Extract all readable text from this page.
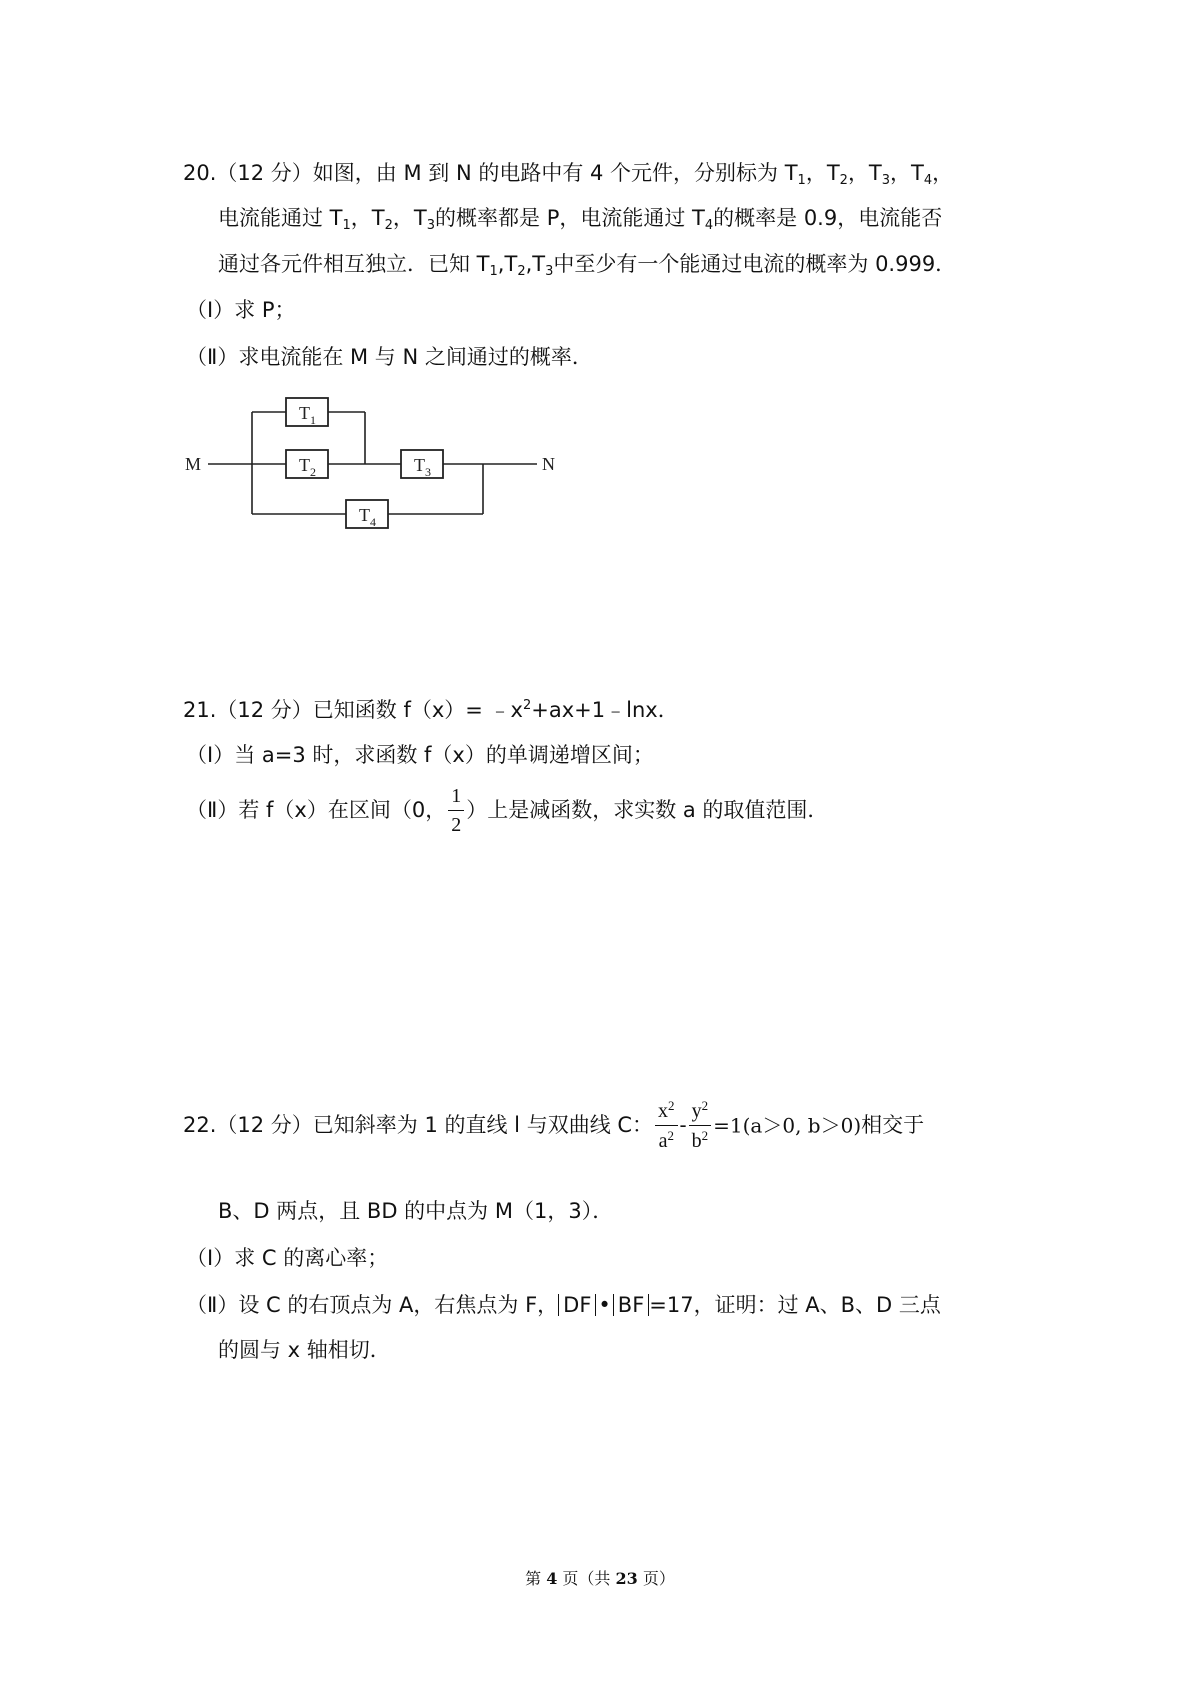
20.（12 分）如图，由 M 到 N 的电路中有 4 个元件，分别标为 $T_1$，$T_2$，$T_3$，$T_4$，
电流能通过 $T_1$，$T_2$，$T_3$的概率都是 P，电流能通过 $T_4$的概率是 0.9，电流能否
通过各元件相互独立．已知 $T_1,T_2,T_3$中至少有一个能通过电流的概率为 0.999．
（Ⅰ）求 P；
（Ⅱ）求电流能在 M 与 N 之间通过的概率．
$T_1$
$T_2$	$T_3$
$T_4$
M	N
21.（12 分）已知函数 $f(x)= ﹣x^2+ax+1﹣\ln x$．
（Ⅰ）当 a=3 时，求函数 f（x）的单调递增区间；
（Ⅱ）若 f（x）在区间（0， $\frac{1}{2}$ ）上是减函数，求实数 a 的取值范围．
22.（12 分）已知斜率为 1 的直线 l 与双曲线 C： $\frac{x^2}{a^2} - \frac{y^2}{b^2} =1(a>0$, b＞0)相交于
B、D 两点，且 BD 的中点为 M（1，3）．
（Ⅰ）求 C 的离心率；
（Ⅱ）设 C 的右顶点为 A，右焦点为 F， DF • BF =17，证明：过 A、B、D 三点
的圆与 x 轴相切．
第 4 页（共 23 页）
